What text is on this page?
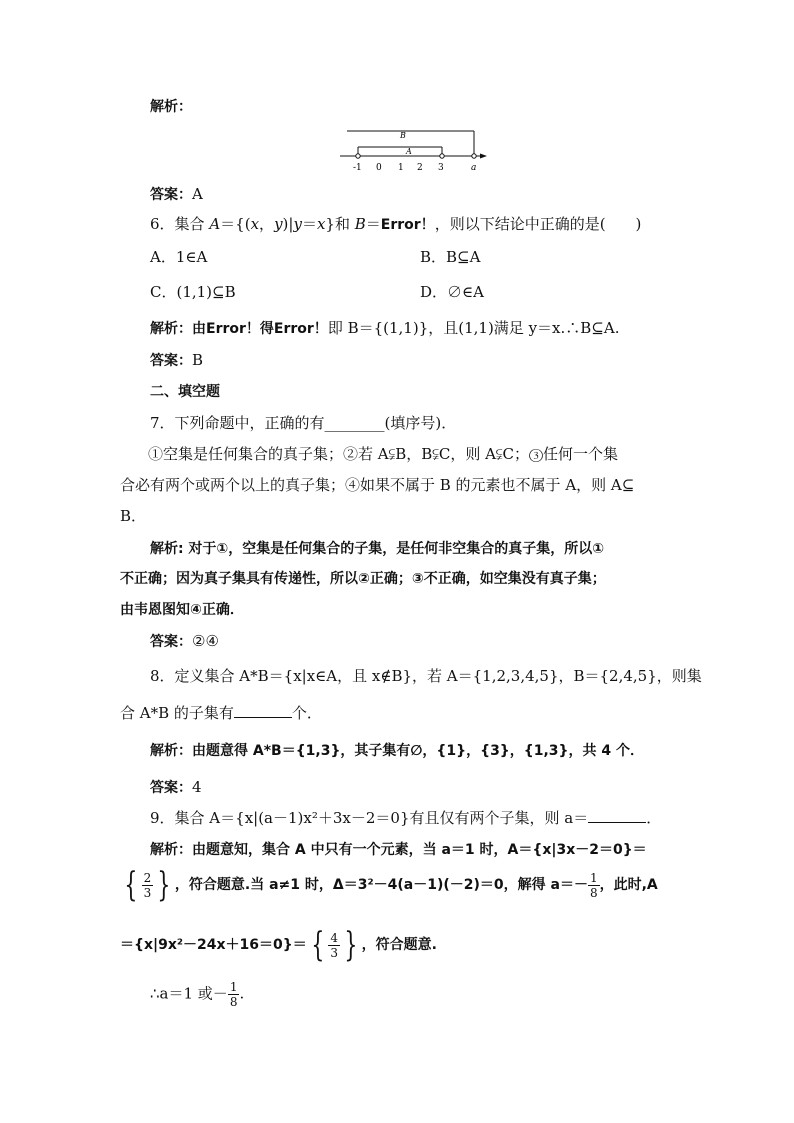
解析：
B
A
-1 0 1 2 3	a
答案：A
6．集合 A＝{(x，y)|y＝x}和 B＝Error！，则以下结论中正确的是(　　)
A．1∈A	B．B⊆A
C．(1,1)⊆B	D．∅∈A
解析：由Error！得Error！即 B＝{(1,1)}，且(1,1)满足 y＝x.∴B⊆A.
答案：B
二、填空题
7．下列命题中，正确的有________(填序号)．
①空集是任何集合的真子集；②若 A⫋B，B⫋C，则 A⫋C；③任何一个集
合必有两个或两个以上的真子集；④如果不属于 B 的元素也不属于 A，则 A⊆
B．
解析: 对于①，空集是任何集合的子集，是任何非空集合的真子集，所以①
不正确；因为真子集具有传递性，所以②正确；③不正确，如空集没有真子集；
由韦恩图知④正确．
答案：②④
8．定义集合 A*B＝{x|x∈A，且 x∉B}，若 A＝{1,2,3,4,5}，B＝{2,4,5}，则集
合 A*B 的子集有	个．
解析：由题意得 A*B＝{1,3}，其子集有∅，{1}，{3}，{1,3}，共 4 个．
答案：4
9．集合 A＝{x|(a－1)x²＋3x－2＝0}有且仅有两个子集，则 a＝	．
解析：由题意知，集合 A 中只有一个元素，当 a＝1 时，A＝{x|3x－2＝0}＝
{ $\frac{2}{3}$ } ，符合题意.当 a≠1 时，Δ＝3²－4(a－1)(－2)＝0，解得 $a=- \frac{1}{8}$ ，此时,A
＝{x|9x²－24x＋16＝0}＝ { $\frac{4}{3}$ } ，符合题意.
∴a＝1 或－ $\frac{1}{8}$ .
